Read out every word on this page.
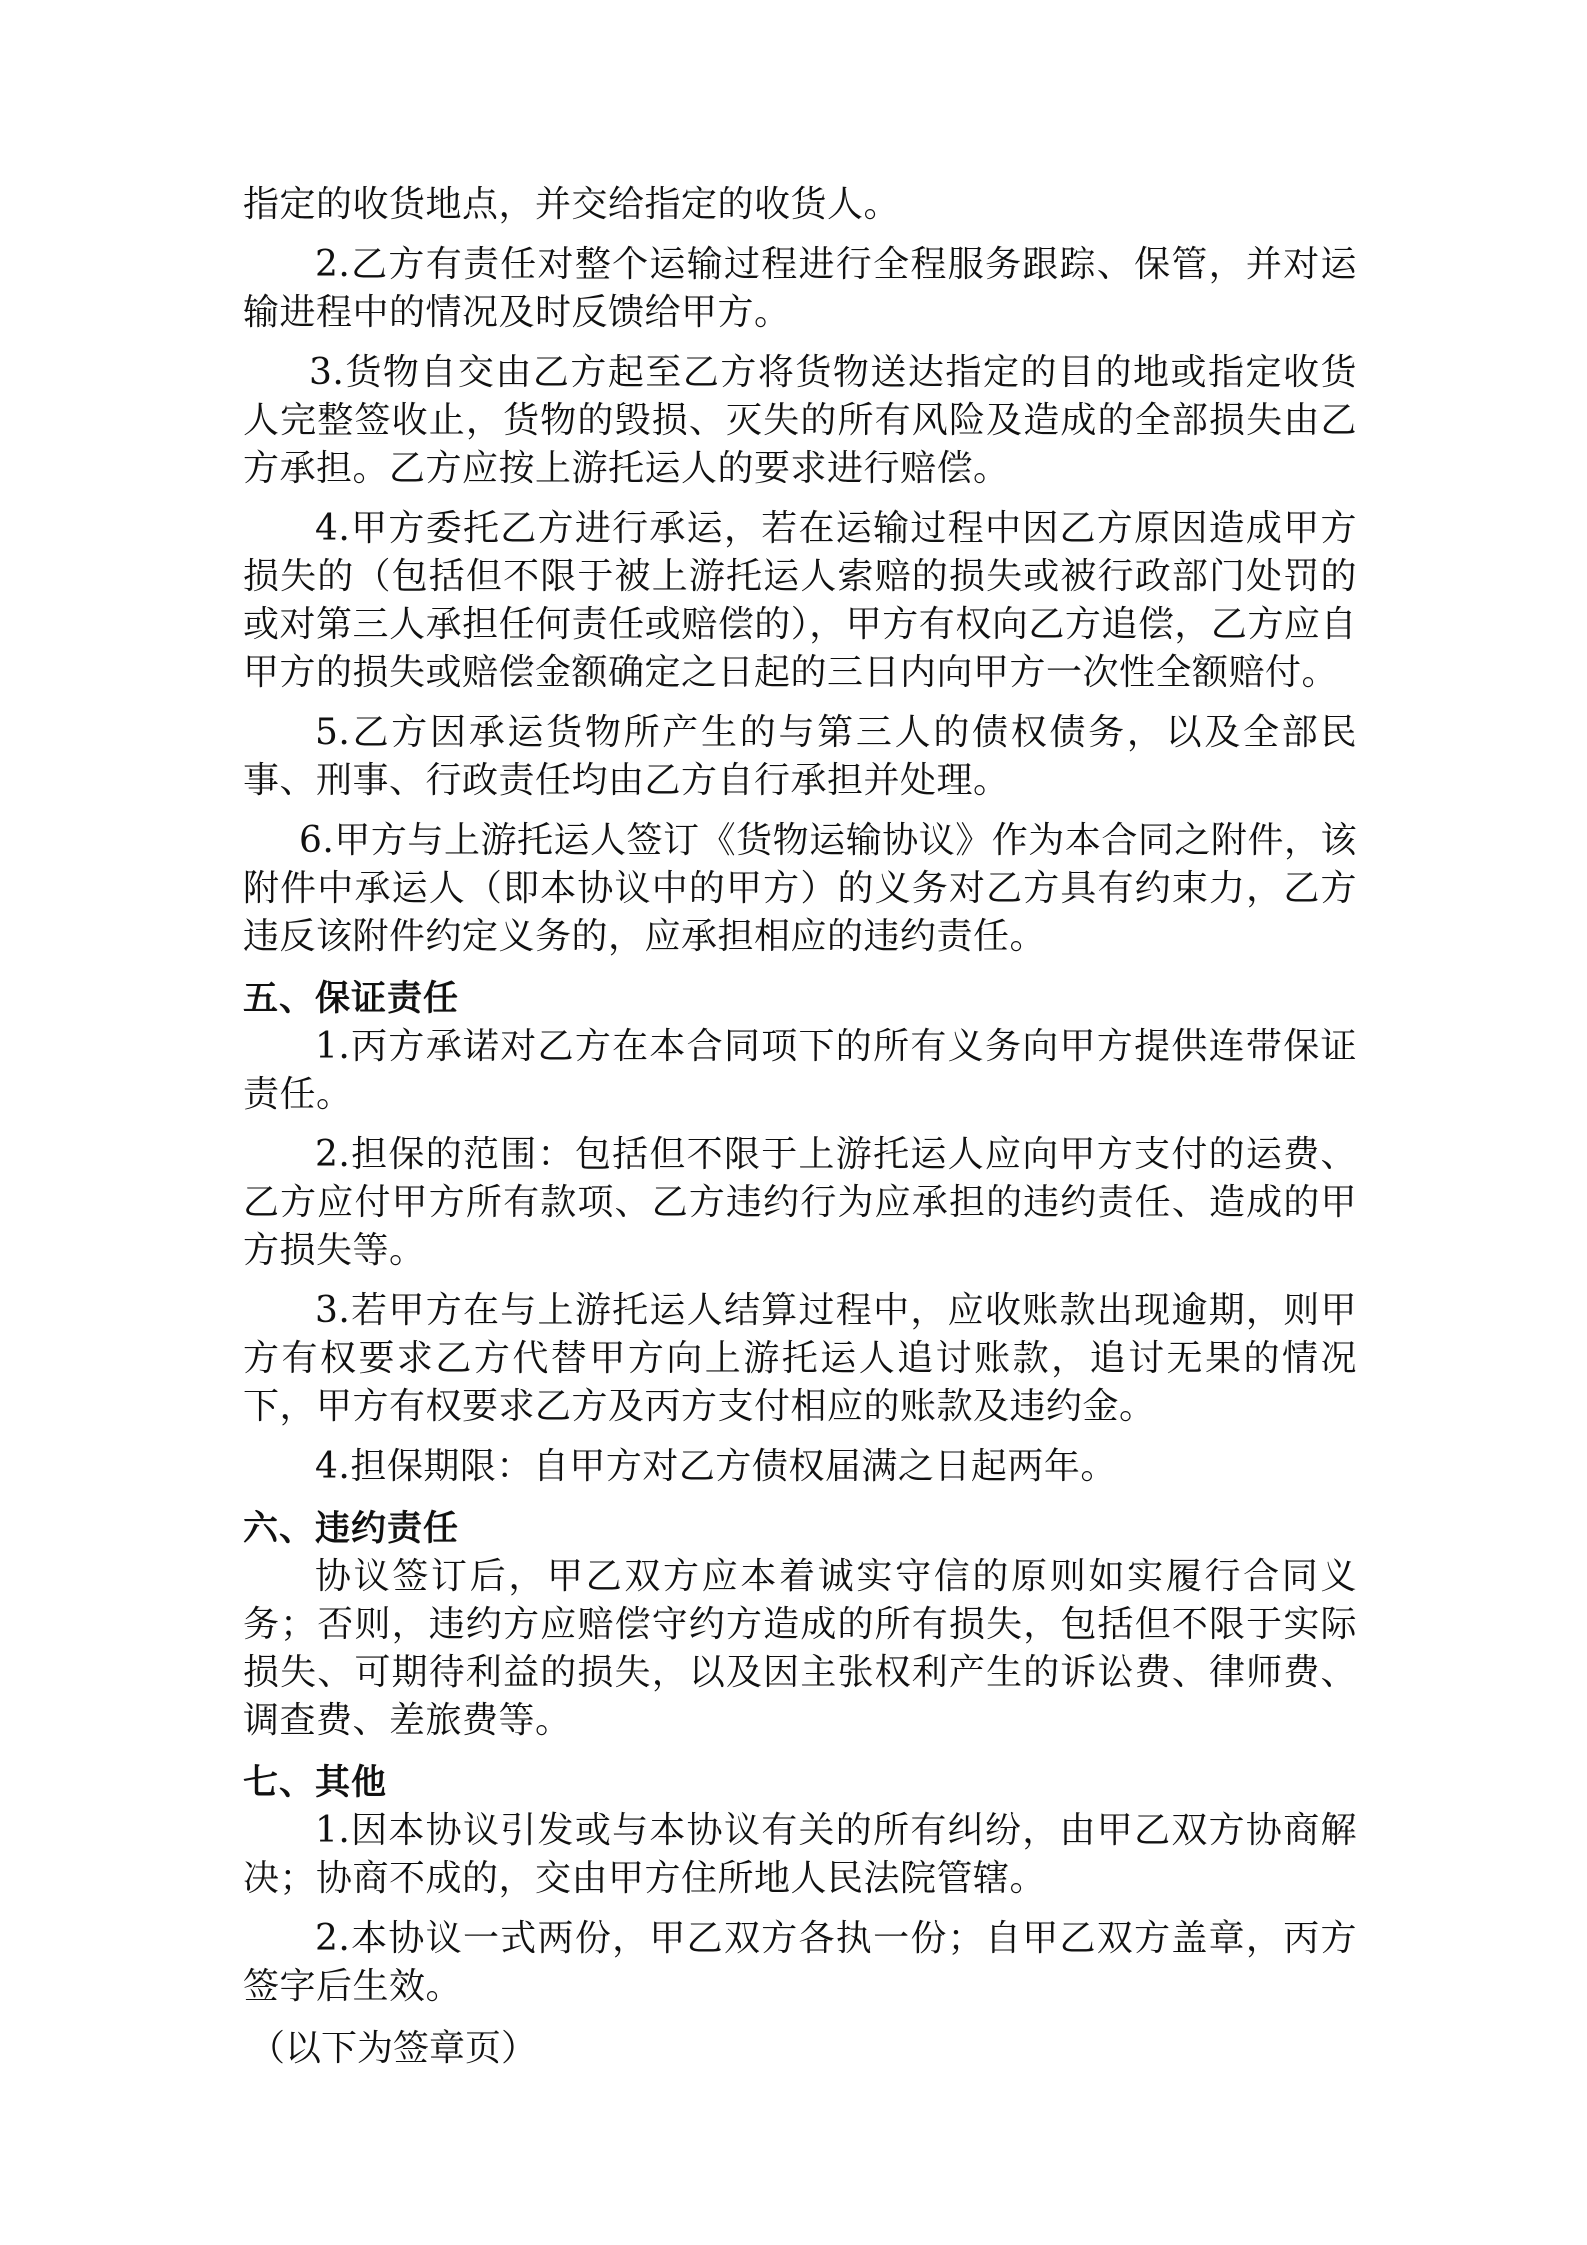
指定的收货地点，并交给指定的收货人。

2.乙方有责任对整个运输过程进行全程服务跟踪、保管，并对运输进程中的情况及时反馈给甲方。

3.货物自交由乙方起至乙方将货物送达指定的目的地或指定收货人完整签收止，货物的毁损、灭失的所有风险及造成的全部损失由乙方承担。乙方应按上游托运人的要求进行赔偿。

4.甲方委托乙方进行承运，若在运输过程中因乙方原因造成甲方损失的（包括但不限于被上游托运人索赔的损失或被行政部门处罚的或对第三人承担任何责任或赔偿的），甲方有权向乙方追偿，乙方应自甲方的损失或赔偿金额确定之日起的三日内向甲方一次性全额赔付。

5.乙方因承运货物所产生的与第三人的债权债务，以及全部民事、刑事、行政责任均由乙方自行承担并处理。

6.甲方与上游托运人签订《货物运输协议》作为本合同之附件，该附件中承运人（即本协议中的甲方）的义务对乙方具有约束力，乙方违反该附件约定义务的，应承担相应的违约责任。

五、保证责任

1.丙方承诺对乙方在本合同项下的所有义务向甲方提供连带保证责任。

2.担保的范围：包括但不限于上游托运人应向甲方支付的运费、乙方应付甲方所有款项、乙方违约行为应承担的违约责任、造成的甲方损失等。

3.若甲方在与上游托运人结算过程中，应收账款出现逾期，则甲方有权要求乙方代替甲方向上游托运人追讨账款，追讨无果的情况下，甲方有权要求乙方及丙方支付相应的账款及违约金。

4.担保期限：自甲方对乙方债权届满之日起两年。

六、违约责任

协议签订后，甲乙双方应本着诚实守信的原则如实履行合同义务；否则，违约方应赔偿守约方造成的所有损失，包括但不限于实际损失、可期待利益的损失，以及因主张权利产生的诉讼费、律师费、调查费、差旅费等。

七、其他

1.因本协议引发或与本协议有关的所有纠纷，由甲乙双方协商解决；协商不成的，交由甲方住所地人民法院管辖。

2.本协议一式两份，甲乙双方各执一份；自甲乙双方盖章，丙方签字后生效。

（以下为签章页）
